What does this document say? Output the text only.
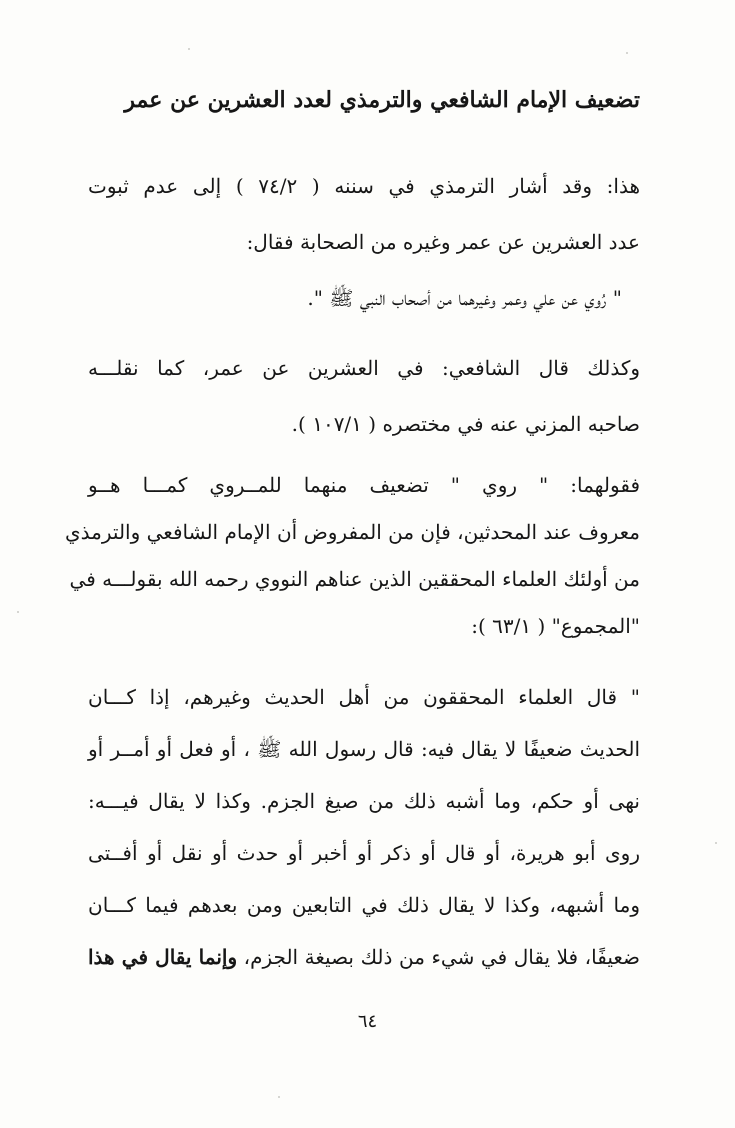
تضعيف الإمام الشافعي والترمذي لعدد العشرين عن عمر
هذا: وقد أشار الترمذي في سننه ( ٧٤/٢ ) إلى عدم ثبوت
عدد العشرين عن عمر وغيره من الصحابة فقال:
" رُوي عن علي وعمر وغيرهما من أصحاب النبي ﷺ ".
وكذلك قال الشافعي: في العشرين عن عمر، كما نقلـــه
صاحبه المزني عنه في مختصره ( ١٠٧/١ ).
فقولهما: " روي " تضعيف منهما للمــروي كمـــا هــو
معروف عند المحدثين، فإن من المفروض أن الإمام الشافعي والترمذي
من أولئك العلماء المحققين الذين عناهم النووي رحمه الله بقولـــه في
"المجموع" ( ٦٣/١ ):
" قال العلماء المحققون من أهل الحديث وغيرهم، إذا كـــان
الحديث ضعيفًا لا يقال فيه: قال رسول الله ﷺ ، أو فعل أو أمــر أو
نهى أو حكم، وما أشبه ذلك من صيغ الجزم. وكذا لا يقال فيـــه:
روى أبو هريرة، أو قال أو ذكر أو أخبر أو حدث أو نقل أو أفــتى
وما أشبهه، وكذا لا يقال ذلك في التابعين ومن بعدهم فيما كـــان
ضعيفًا، فلا يقال في شيء من ذلك بصيغة الجزم، وإنما يقال في هذا
٦٤
